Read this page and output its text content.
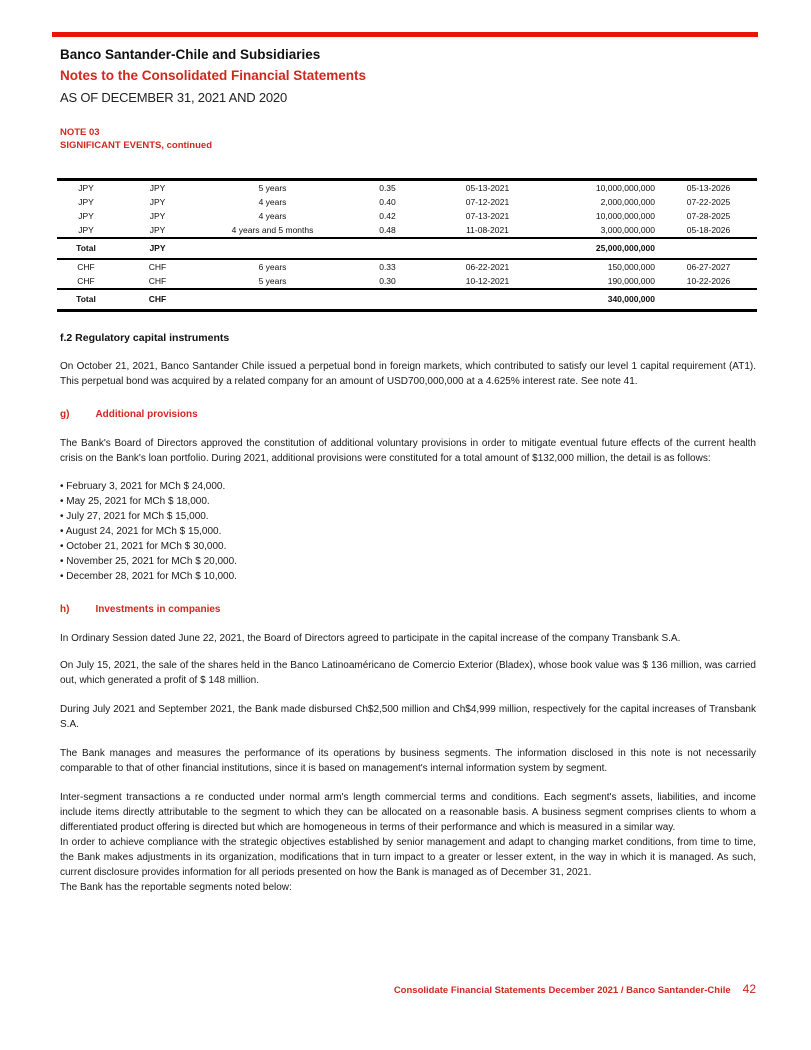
Banco Santander-Chile and Subsidiaries
Notes to the Consolidated Financial Statements
AS OF DECEMBER 31, 2021 AND 2020
NOTE 03
SIGNIFICANT EVENTS, continued
JPY	JPY	5 years	0.35	05-13-2021	10,000,000,000	05-13-2026
JPY	JPY	4 years	0.40	07-12-2021	2,000,000,000	07-22-2025
JPY	JPY	4 years	0.42	07-13-2021	10,000,000,000	07-28-2025
JPY	JPY	4 years and 5 months	0.48	11-08-2021	3,000,000,000	05-18-2026
Total	JPY				25,000,000,000	
CHF	CHF	6 years	0.33	06-22-2021	150,000,000	06-27-2027
CHF	CHF	5 years	0.30	10-12-2021	190,000,000	10-22-2026
Total	CHF				340,000,000	

f.2 Regulatory capital instruments

On October 21, 2021, Banco Santander Chile issued a perpetual bond in foreign markets, which contributed to satisfy our level 1 capital requirement (AT1). This perpetual bond was acquired by a related company for an amount of USD700,000,000 at a 4.625% interest rate. See note 41.

g)	Additional provisions

The Bank's Board of Directors approved the constitution of additional voluntary provisions in order to mitigate eventual future effects of the current health crisis on the Bank's loan portfolio. During 2021, additional provisions were constituted for a total amount of $132,000 million, the detail is as follows:

• February 3, 2021 for MCh $ 24,000.
• May 25, 2021 for MCh $ 18,000.
• July 27, 2021 for MCh $ 15,000.
• August 24, 2021 for MCh $ 15,000.
• October 21, 2021 for MCh $ 30,000.
• November 25, 2021 for MCh $ 20,000.
• December 28, 2021 for MCh $ 10,000.
h)	Investments in companies

In Ordinary Session dated June 22, 2021, the Board of Directors agreed to participate in the capital increase of the company Transbank S.A.

On July 15, 2021, the sale of the shares held in the Banco Latinoaméricano de Comercio Exterior (Bladex), whose book value was $ 136 million, was carried out, which generated a profit of $ 148 million.

During July 2021 and September 2021, the Bank made disbursed Ch$2,500 million and Ch$4,999 million, respectively for the capital increases of Transbank S.A.

The Bank manages and measures the performance of its operations by business segments. The information disclosed in this note is not necessarily comparable to that of other financial institutions, since it is based on management's internal information system by segment.

Inter-segment transactions a re conducted under normal arm's length commercial terms and conditions. Each segment's assets, liabilities, and income include items directly attributable to the segment to which they can be allocated on a reasonable basis. A business segment comprises clients to whom a differentiated product offering is directed but which are homogeneous in terms of their performance and which is measured in a similar way.

In order to achieve compliance with the strategic objectives established by senior management and adapt to changing market conditions, from time to time, the Bank makes adjustments in its organization, modifications that in turn impact to a greater or lesser extent, in the way in which it is managed. As such, current disclosure provides information for all periods presented on how the Bank is managed as of December 31, 2021.

The Bank has the reportable segments noted below:

Consolidate Financial Statements December 2021 / Banco Santander-Chile 42
